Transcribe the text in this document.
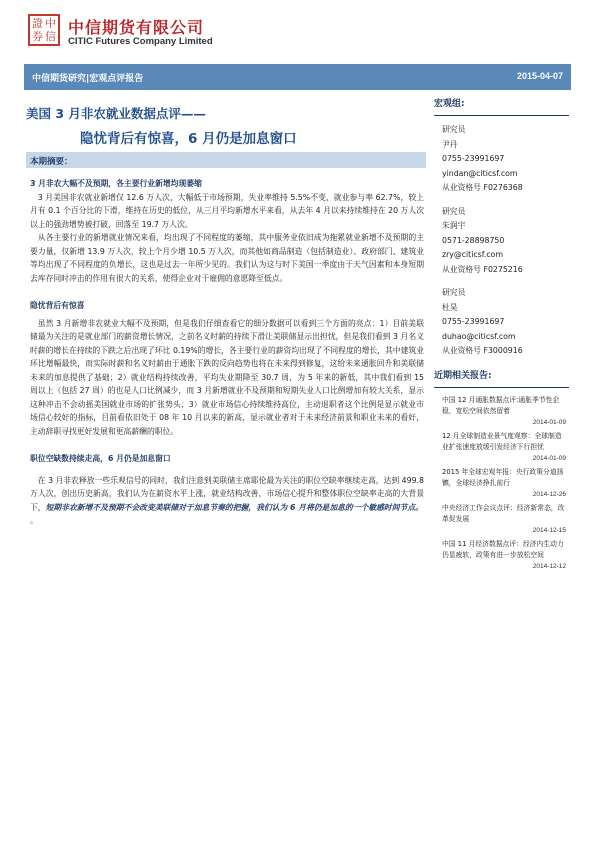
證 中
券 信 中信期货有限公司
CITIC Futures Company Limited
中信期货研究|宏观点评报告	2015-04-07
美国 3 月非农就业数据点评——
隐忧背后有惊喜，6 月仍是加息窗口
本期摘要：
3 月非农大幅不及预期，各主要行业新增均现萎缩

3 月美国非农就业新增仅 12.6 万人次，大幅低于市场预期，失业率维持 5.5%不变，就业参与率 62.7%，较上月有 0.1 个百分比的下滑，维持在历史的低位，从三月平均新增水平来看，从去年 4 月以来持续维持在 20 万人次以上的强劲增势被打破，回落至 19.7 万人次。

从各主要行业的新增就业情况来看，均出现了不同程度的萎缩，其中服务业依旧成为拖累就业新增不及预期的主要力量，仅新增 13.9 万人次，较上个月少增 10.5 万人次，而其他如商品制造（包括制造业）、政府部门、建筑业等均出现了不同程度的负增长，这也是过去一年所少见的。我们认为这与时下美国一季度由于天气因素和本身短期去库存同时冲击的作用有很大的关系，使得企业对于雇佣的意愿降至低点。

隐忧背后有惊喜

虽然 3 月新增非农就业大幅不及预期，但是我们仔细查看它的细分数据可以看到三个方面的亮点：1）目前美联储最为关注的是就业部门的薪资增长情况，之前名义时薪的持续下滑让美联储显示出担忧，但是我们看到 3 月名义时薪的增长在持续的下跌之后出现了环比 0.19%的增长，各主要行业的薪资均出现了不同程度的增长，其中建筑业环比增幅最快，而实际时薪和名义时薪由于通胀下跌的反向趋势也将在未来得到修复，这给未来通胀回升和美联储未来的加息提供了基础；2）就业结构持续改善，平均失业期降至 30.7 周，为 5 年来的新低，其中我们看到 15 周以上（包括 27 周）的也是人口比例减少，而 3 月新增就业不及预期和短期失业人口比例增加有较大关系，显示这种冲击不会动摇美国就业市场的扩张势头；3）就业市场信心持续维持高位，主动退职者这个比例是显示就业市场信心较好的指标，目前看依旧处于 08 年 10 月以来的新高，显示就业者对于未来经济前景和职业未来的看好，主动辞职寻找更好发展和更高薪酬的职位。

职位空缺数持续走高，6 月仍是加息窗口

在 3 月非农释放一些乐观信号的同时，我们注意到美联储主席耶伦最为关注的职位空缺率继续走高，达到 499.8 万人次，创出历史新高，我们认为在薪资水平上涨，就业结构改善，市场信心提升和整体职位空缺率走高的大背景下，短期非农新增不及预期不会改变美联储对于加息节奏的把握，我们认为 6 月将仍是加息的一个敏感时间节点。

。

宏观组:
研究员
尹丹
0755-23991697
yindan@citicsf.com
从业资格号 F0276368
研究员
朱润宇
0571-28898750
zry@citicsf.com
从业资格号 F0275216
研究员
杜昊
0755-23991697
duhao@citicsf.com
从业资格号 F3000916
近期相关报告:
中国 12 月通胀数据点评:通胀季节性企稳，宽松空间依然留着
2014-01-09
12 月全球制造业景气度观察：全球制造业扩张速度放缓引发经济下行担忧
2014-01-09
2015 年全球宏观年报：央行政策分道扬镳，全球经济挣扎前行
2014-12-26
中央经济工作会议点评：经济新常态，改革促发展
2014-12-15
中国 11 月经济数据点评：经济内生动力仍显疲软，政策有进一步放松空间
2014-12-12
